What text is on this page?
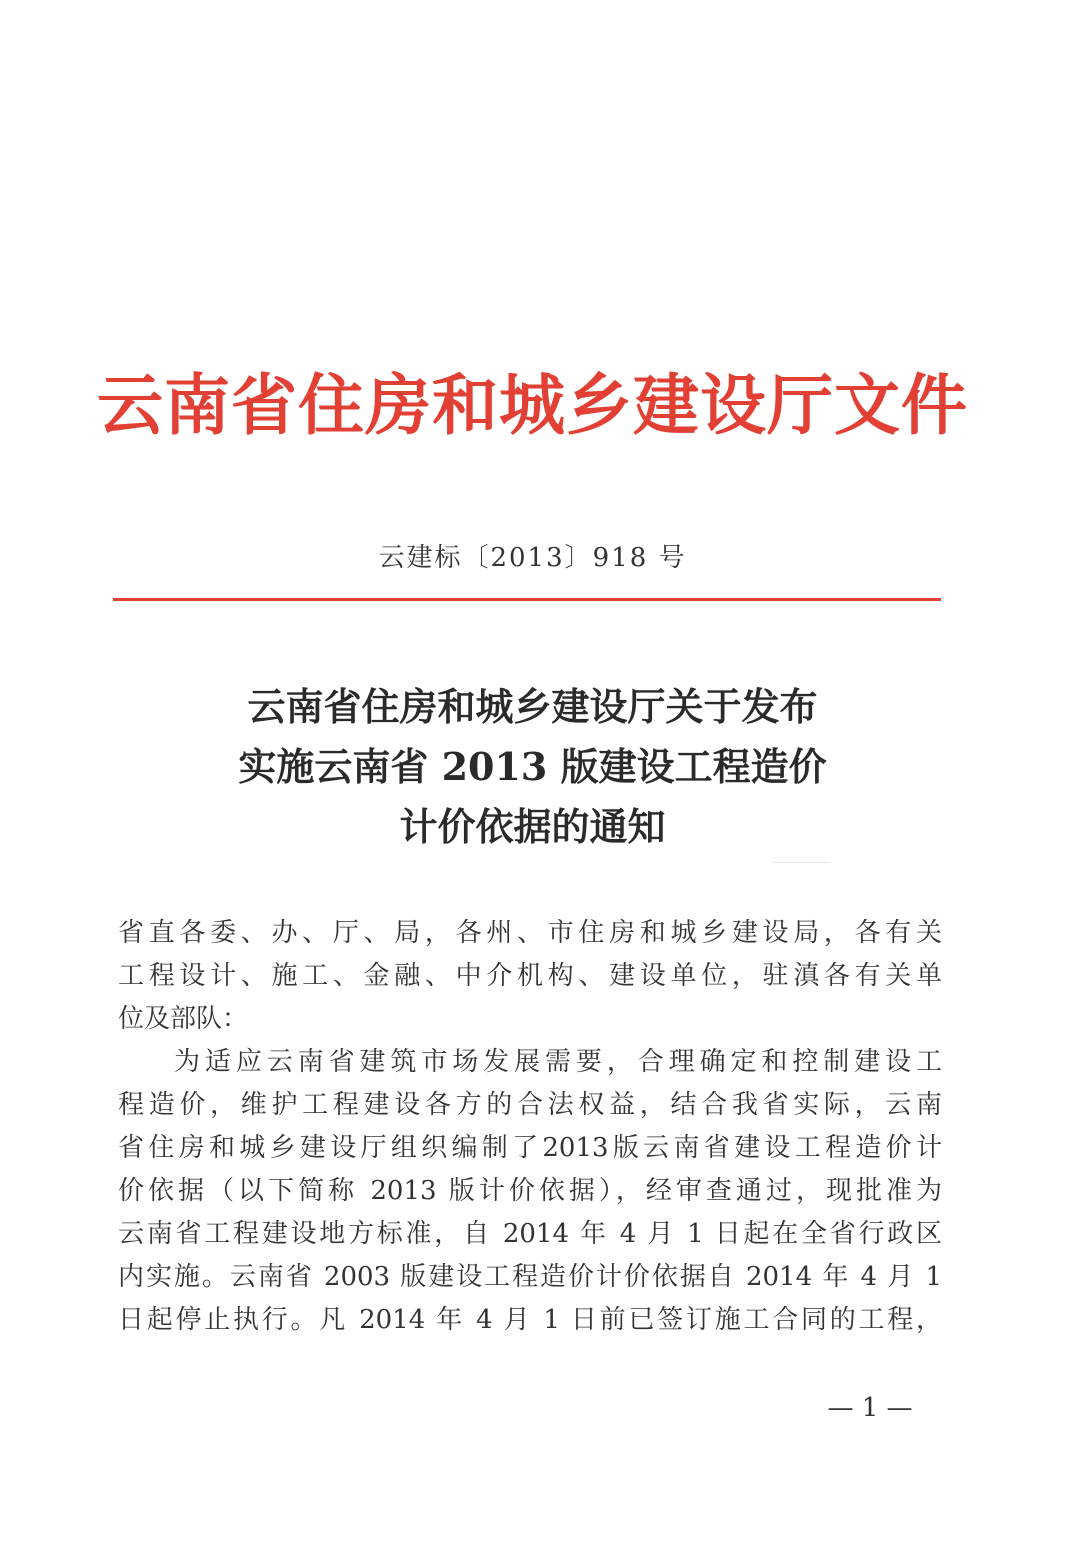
云南省住房和城乡建设厅文件
云建标〔2013〕918 号
云南省住房和城乡建设厅关于发布
实施云南省 2013 版建设工程造价
计价依据的通知
省直各委、办、厅、局，各州、市住房和城乡建设局，各有关
工程设计、施工、金融、中介机构、建设单位，驻滇各有关单
位及部队：
为适应云南省建筑市场发展需要，合理确定和控制建设工
程造价，维护工程建设各方的合法权益，结合我省实际，云南
省住房和城乡建设厅组织编制了2013版云南省建设工程造价计
价依据（以下简称 2013 版计价依据），经审查通过，现批准为
云南省工程建设地方标准，自 2014 年 4 月 1 日起在全省行政区
内实施。云南省 2003 版建设工程造价计价依据自 2014 年 4 月 1
日起停止执行。凡 2014 年 4 月 1 日前已签订施工合同的工程，
— 1 —
